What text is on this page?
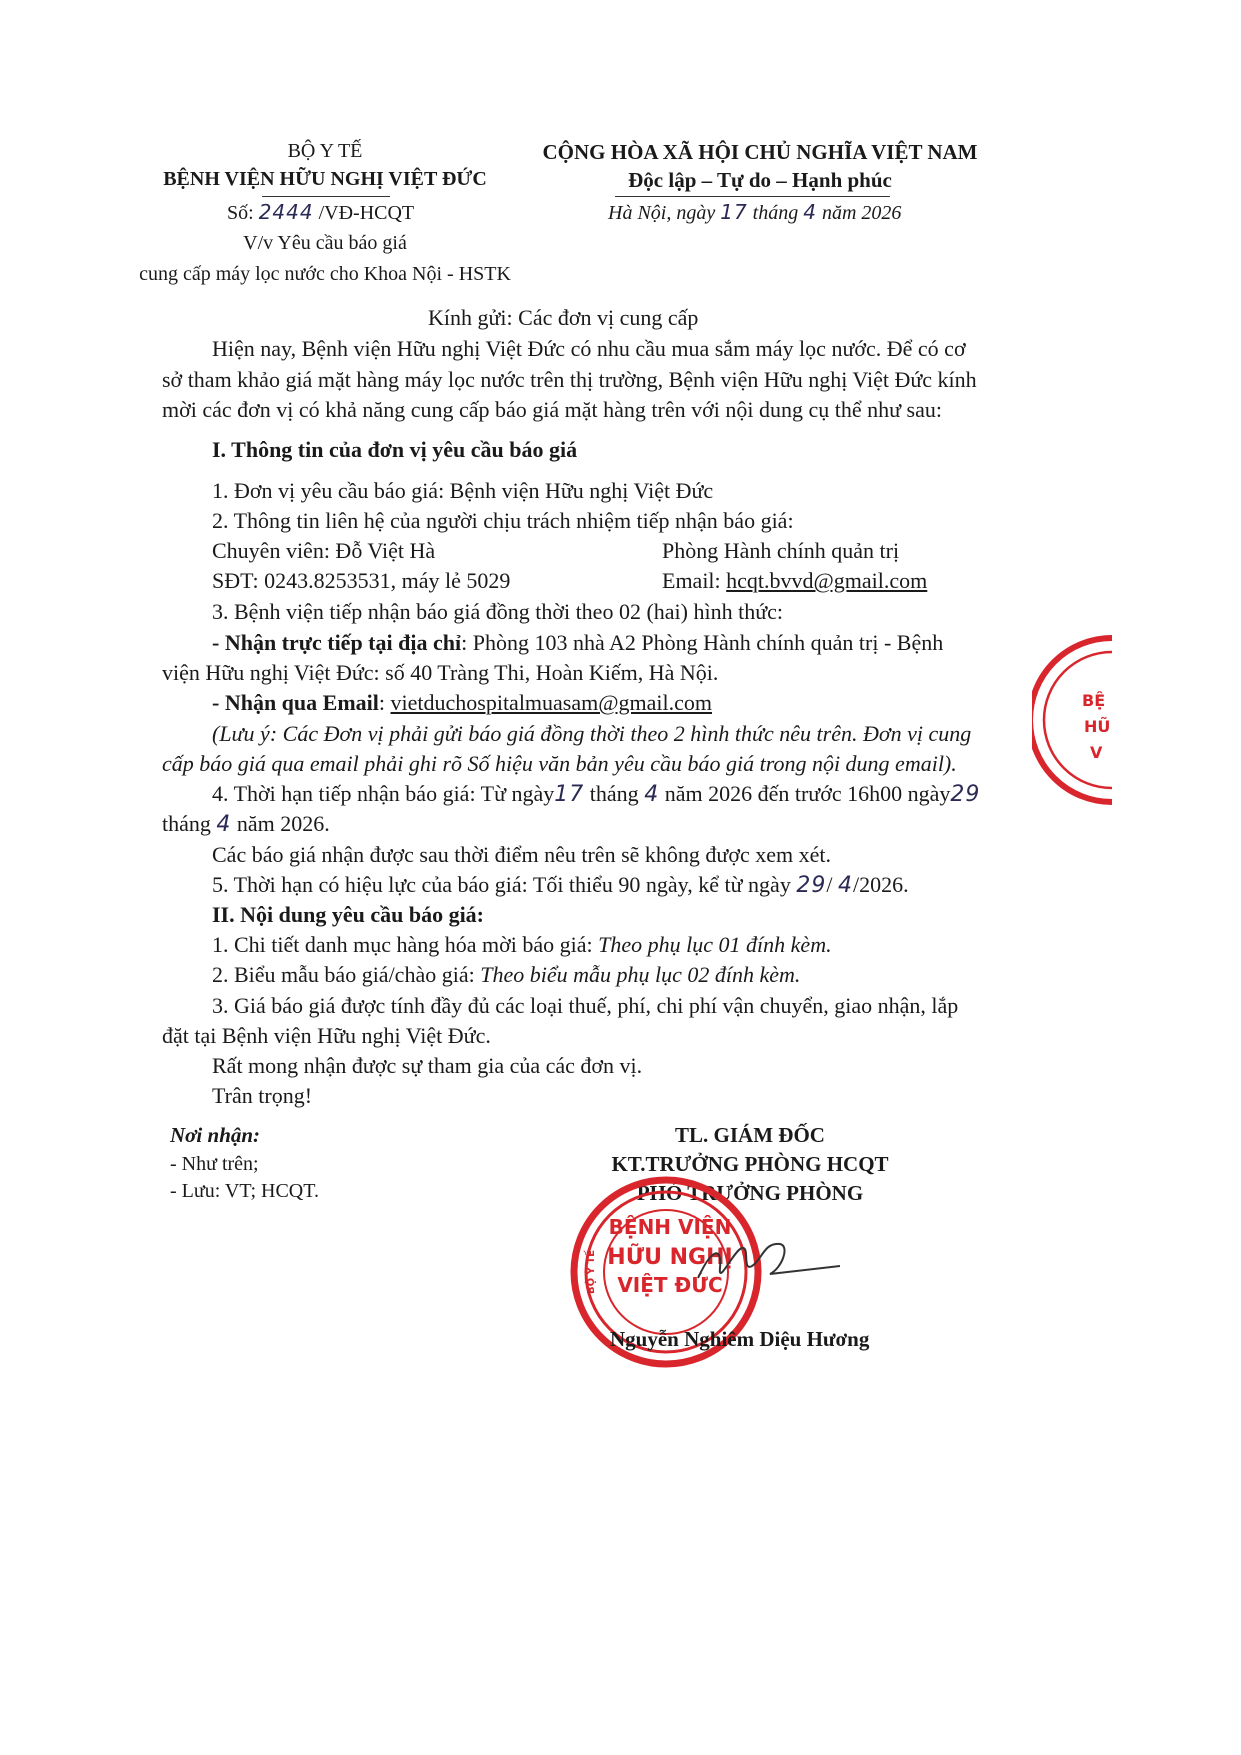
BỘ Y TẾ
BỆNH VIỆN HỮU NGHỊ VIỆT ĐỨC
Số: 2444 /VĐ-HCQT
V/v Yêu cầu báo giá
cung cấp máy lọc nước cho Khoa Nội - HSTK
CỘNG HÒA XÃ HỘI CHỦ NGHĨA VIỆT NAM
Độc lập – Tự do – Hạnh phúc
Hà Nội, ngày 17 tháng 4 năm 2026
Kính gửi: Các đơn vị cung cấp
Hiện nay, Bệnh viện Hữu nghị Việt Đức có nhu cầu mua sắm máy lọc nước. Để có cơ
sở tham khảo giá mặt hàng máy lọc nước trên thị trường, Bệnh viện Hữu nghị Việt Đức kính
mời các đơn vị có khả năng cung cấp báo giá mặt hàng trên với nội dung cụ thể như sau:
I. Thông tin của đơn vị yêu cầu báo giá
1. Đơn vị yêu cầu báo giá: Bệnh viện Hữu nghị Việt Đức
2. Thông tin liên hệ của người chịu trách nhiệm tiếp nhận báo giá:
Chuyên viên: Đỗ Việt Hà	Phòng Hành chính quản trị
SĐT: 0243.8253531, máy lẻ 5029	Email: hcqt.bvvd@gmail.com
3. Bệnh viện tiếp nhận báo giá đồng thời theo 02 (hai) hình thức:
- Nhận trực tiếp tại địa chỉ: Phòng 103 nhà A2 Phòng Hành chính quản trị - Bệnh
viện Hữu nghị Việt Đức: số 40 Tràng Thi, Hoàn Kiếm, Hà Nội.
- Nhận qua Email: vietduchospitalmuasam@gmail.com
(Lưu ý: Các Đơn vị phải gửi báo giá đồng thời theo 2 hình thức nêu trên. Đơn vị cung
cấp báo giá qua email phải ghi rõ Số hiệu văn bản yêu cầu báo giá trong nội dung email).
4. Thời hạn tiếp nhận báo giá: Từ ngày17 tháng 4 năm 2026 đến trước 16h00 ngày29
tháng 4 năm 2026.
Các báo giá nhận được sau thời điểm nêu trên sẽ không được xem xét.
5. Thời hạn có hiệu lực của báo giá: Tối thiểu 90 ngày, kể từ ngày 29/ 4/2026.
II. Nội dung yêu cầu báo giá:
1. Chi tiết danh mục hàng hóa mời báo giá: Theo phụ lục 01 đính kèm.
2. Biểu mẫu báo giá/chào giá: Theo biểu mẫu phụ lục 02 đính kèm.
3. Giá báo giá được tính đầy đủ các loại thuế, phí, chi phí vận chuyển, giao nhận, lắp
đặt tại Bệnh viện Hữu nghị Việt Đức.
Rất mong nhận được sự tham gia của các đơn vị.
Trân trọng!
Nơi nhận:
- Như trên;
- Lưu: VT; HCQT.
TL. GIÁM ĐỐC
KT.TRƯỞNG PHÒNG HCQT
PHÓ TRƯỞNG PHÒNG
BỆNH VIỆN
HỮU NGHỊ
VIỆT ĐỨC
BỘ Y TẾ
Nguyễn Nghiêm Diệu Hương
BỆ
HŨ
V
